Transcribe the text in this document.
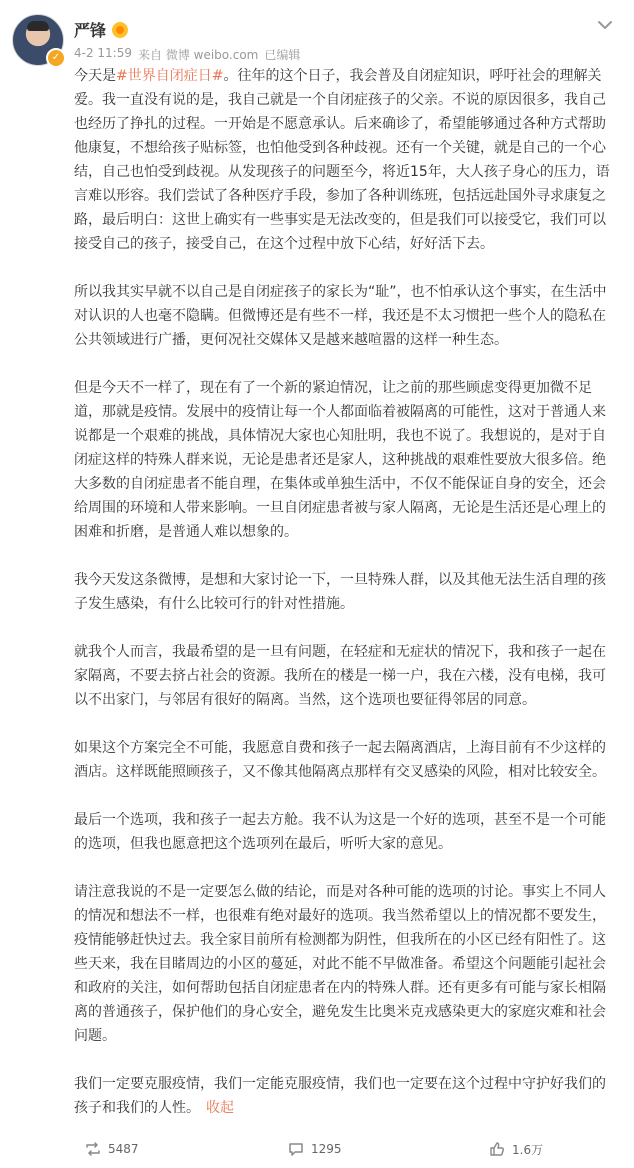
✓
严锋
4-2 11:59 来自 微博 weibo.com 已编辑

今天是#世界自闭症日#。往年的这个日子，我会普及自闭症知识，呼吁社会的理解关爱。我一直没有说的是，我自己就是一个自闭症孩子的父亲。不说的原因很多，我自己也经历了挣扎的过程。一开始是不愿意承认。后来确诊了，希望能够通过各种方式帮助他康复，不想给孩子贴标签，也怕他受到各种歧视。还有一个关键，就是自己的一个心结，自己也怕受到歧视。从发现孩子的问题至今，将近15年，大人孩子身心的压力，语言难以形容。我们尝试了各种医疗手段，参加了各种训练班，包括远赴国外寻求康复之路，最后明白：这世上确实有一些事实是无法改变的，但是我们可以接受它，我们可以接受自己的孩子，接受自己，在这个过程中放下心结，好好活下去。

所以我其实早就不以自己是自闭症孩子的家长为“耻”，也不怕承认这个事实，在生活中对认识的人也毫不隐瞒。但微博还是有些不一样，我还是不太习惯把一些个人的隐私在公共领域进行广播，更何况社交媒体又是越来越喧嚣的这样一种生态。

但是今天不一样了，现在有了一个新的紧迫情况，让之前的那些顾虑变得更加微不足道，那就是疫情。发展中的疫情让每一个人都面临着被隔离的可能性，这对于普通人来说都是一个艰难的挑战，具体情况大家也心知肚明，我也不说了。我想说的，是对于自闭症这样的特殊人群来说，无论是患者还是家人，这种挑战的艰难性要放大很多倍。绝大多数的自闭症患者不能自理，在集体或单独生活中，不仅不能保证自身的安全，还会给周围的环境和人带来影响。一旦自闭症患者被与家人隔离，无论是生活还是心理上的困难和折磨，是普通人难以想象的。

我今天发这条微博，是想和大家讨论一下，一旦特殊人群，以及其他无法生活自理的孩子发生感染，有什么比较可行的针对性措施。

就我个人而言，我最希望的是一旦有问题，在轻症和无症状的情况下，我和孩子一起在家隔离，不要去挤占社会的资源。我所在的楼是一梯一户，我在六楼，没有电梯，我可以不出家门，与邻居有很好的隔离。当然，这个选项也要征得邻居的同意。

如果这个方案完全不可能，我愿意自费和孩子一起去隔离酒店，上海目前有不少这样的酒店。这样既能照顾孩子，又不像其他隔离点那样有交叉感染的风险，相对比较安全。

最后一个选项，我和孩子一起去方舱。我不认为这是一个好的选项，甚至不是一个可能的选项，但我也愿意把这个选项列在最后，听听大家的意见。

请注意我说的不是一定要怎么做的结论，而是对各种可能的选项的讨论。事实上不同人的情况和想法不一样，也很难有绝对最好的选项。我当然希望以上的情况都不要发生，疫情能够赶快过去。我全家目前所有检测都为阴性，但我所在的小区已经有阳性了。这些天来，我在目睹周边的小区的蔓延，对此不能不早做准备。希望这个问题能引起社会和政府的关注，如何帮助包括自闭症患者在内的特殊人群。还有更多有可能与家长相隔离的普通孩子，保护他们的身心安全，避免发生比奥米克戎感染更大的家庭灾难和社会问题。

我们一定要克服疫情，我们一定能克服疫情，我们也一定要在这个过程中守护好我们的孩子和我们的人性。 收起

5487	1295	1.6万
